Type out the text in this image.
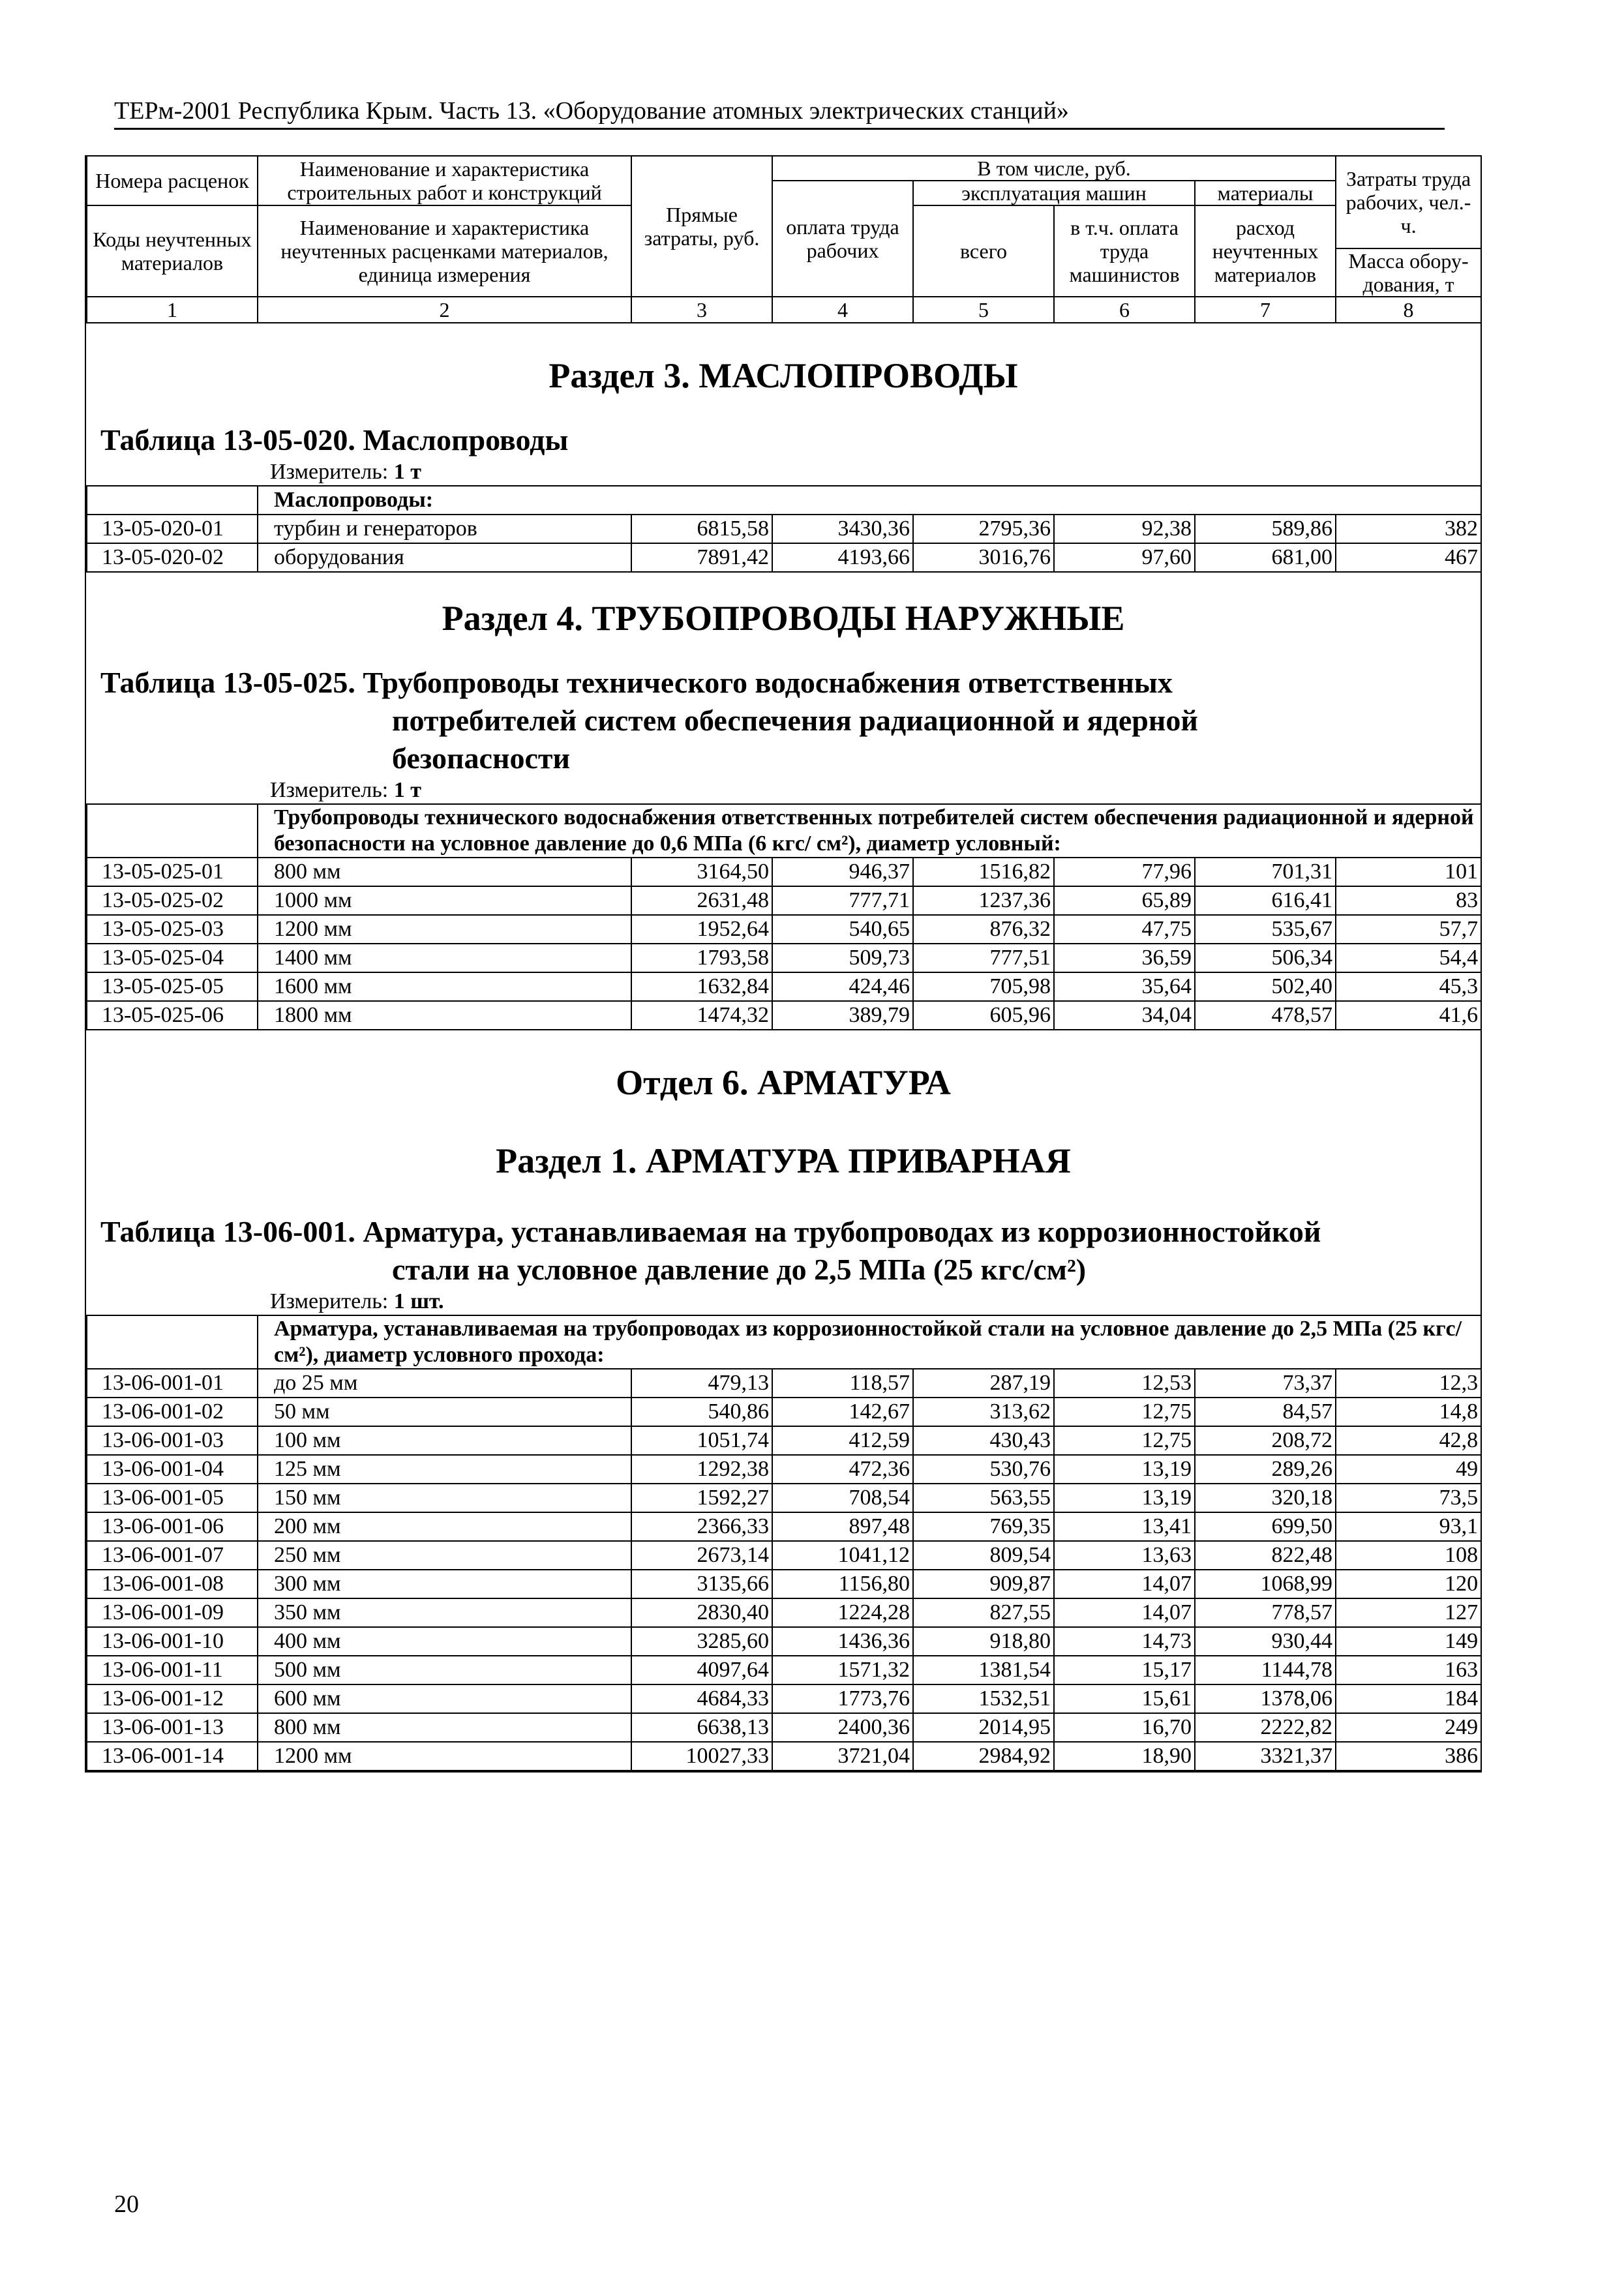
ТЕРм-2001 Республика Крым. Часть 13. «Оборудование атомных электрических станций»
Номера расценок	Наименование и характеристика строительных работ и конструкций	Прямые затраты, руб.	В том числе, руб.				Затраты труда рабочих, чел.-ч.
			оплата труда рабочих	эксплуатация машин		материалы	
Коды неучтенных материалов	Наименование и характеристика неучтенных расценками материалов, единица измерения			всего	в т.ч. оплата труда машинистов	расход неучтенных материалов	
							Масса обору-дования, т
1	2	3	4	5	6	7	8

Раздел 3. МАСЛОПРОВОДЫ

Таблица 13-05-020. Маслопроводы

Измеритель: 1 т

	Маслопроводы:						
13-05-020-01	турбин и генераторов	6815,58	3430,36	2795,36	92,38	589,86	382
13-05-020-02	оборудования	7891,42	4193,66	3016,76	97,60	681,00	467

Раздел 4. ТРУБОПРОВОДЫ НАРУЖНЫЕ

Таблица 13-05-025. Трубопроводы технического водоснабжения ответственных
потребителей систем обеспечения радиационной и ядерной
безопасности

Измеритель: 1 т

	Трубопроводы технического водоснабжения ответственных потребителей систем обеспечения радиационной и ядерной безопасности на условное давление до 0,6 МПа (6 кгс/ см²), диаметр условный:						
13-05-025-01	800 мм	3164,50	946,37	1516,82	77,96	701,31	101
13-05-025-02	1000 мм	2631,48	777,71	1237,36	65,89	616,41	83
13-05-025-03	1200 мм	1952,64	540,65	876,32	47,75	535,67	57,7
13-05-025-04	1400 мм	1793,58	509,73	777,51	36,59	506,34	54,4
13-05-025-05	1600 мм	1632,84	424,46	705,98	35,64	502,40	45,3
13-05-025-06	1800 мм	1474,32	389,79	605,96	34,04	478,57	41,6

Отдел 6. АРМАТУРА

Раздел 1. АРМАТУРА ПРИВАРНАЯ

Таблица 13-06-001. Арматура, устанавливаемая на трубопроводах из коррозионностойкой
стали на условное давление до 2,5 МПа (25 кгс/см²)

Измеритель: 1 шт.

	Арматура, устанавливаемая на трубопроводах из коррозионностойкой стали на условное давление до 2,5 МПа (25 кгс/ см²), диаметр условного прохода:						
13-06-001-01	до 25 мм	479,13	118,57	287,19	12,53	73,37	12,3
13-06-001-02	50 мм	540,86	142,67	313,62	12,75	84,57	14,8
13-06-001-03	100 мм	1051,74	412,59	430,43	12,75	208,72	42,8
13-06-001-04	125 мм	1292,38	472,36	530,76	13,19	289,26	49
13-06-001-05	150 мм	1592,27	708,54	563,55	13,19	320,18	73,5
13-06-001-06	200 мм	2366,33	897,48	769,35	13,41	699,50	93,1
13-06-001-07	250 мм	2673,14	1041,12	809,54	13,63	822,48	108
13-06-001-08	300 мм	3135,66	1156,80	909,87	14,07	1068,99	120
13-06-001-09	350 мм	2830,40	1224,28	827,55	14,07	778,57	127
13-06-001-10	400 мм	3285,60	1436,36	918,80	14,73	930,44	149
13-06-001-11	500 мм	4097,64	1571,32	1381,54	15,17	1144,78	163
13-06-001-12	600 мм	4684,33	1773,76	1532,51	15,61	1378,06	184
13-06-001-13	800 мм	6638,13	2400,36	2014,95	16,70	2222,82	249
13-06-001-14	1200 мм	10027,33	3721,04	2984,92	18,90	3321,37	386
20
